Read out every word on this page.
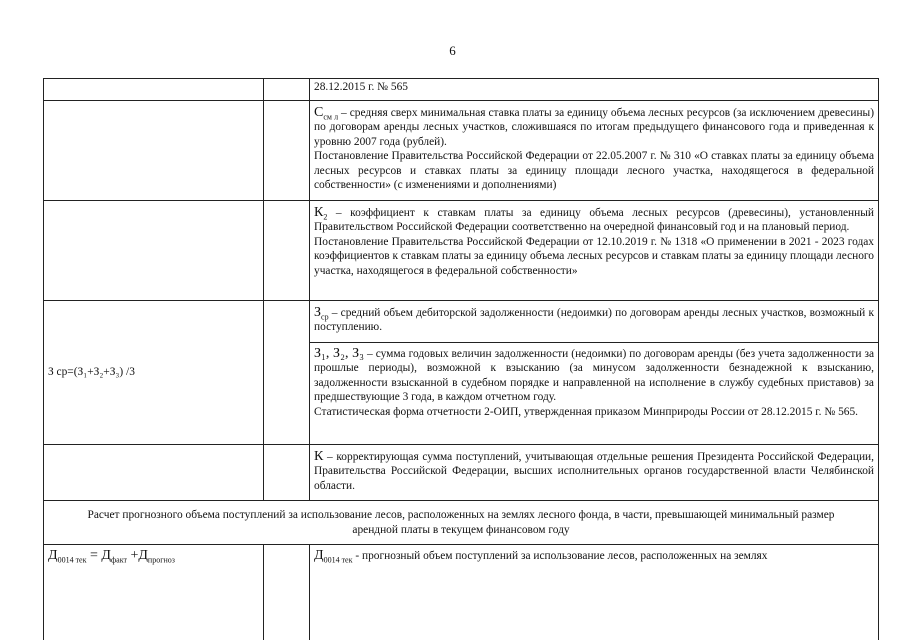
6

		28.12.2015 г. № 565

		$С_{см л}$ – средняя сверх минимальная ставка платы за единицу объема лесных ресурсов (за исключением древесины) по договорам аренды лесных участков, сложившаяся по итогам предыдущего финансового года и приведенная к уровню 2007 года (рублей).

Постановление Правительства Российской Федерации от 22.05.2007 г. № 310 «О ставках платы за единицу объема лесных ресурсов и ставках платы за единицу площади лесного участка, находящегося в федеральной собственности» (с изменениями и дополнениями)

		$К_2$ – коэффициент к ставкам платы за единицу объема лесных ресурсов (древесины), установленный Правительством Российской Федерации соответственно на очередной финансовый год и на плановый период.

Постановление Правительства Российской Федерации от 12.10.2019 г. № 1318 «О применении в 2021 - 2023 годах коэффициентов к ставкам платы за единицу объема лесных ресурсов и ставкам платы за единицу площади лесного участка, находящегося в федеральной собственности»

З ср=(З₁+З₂+З₃) /3		$З_{ср}$ – средний объем дебиторской задолженности (недоимки) по договорам аренды лесных участков, возможный к поступлению.

		З₁, З₂, З₃ – сумма годовых величин задолженности (недоимки) по договорам аренды (без учета задолженности за прошлые периоды), возможной к взысканию (за минусом задолженности безнадежной к взысканию, задолженности взысканной в судебном порядке и направленной на исполнение в службу судебных приставов) за предшествующие 3 года, в каждом отчетном году.

Статистическая форма отчетности 2-ОИП, утвержденная приказом Минприроды России от 28.12.2015 г. № 565.

		К – корректирующая сумма поступлений, учитывающая отдельные решения Президента Российской Федерации, Правительства Российской Федерации, высших исполнительных органов государственной власти Челябинской области.

Расчет прогнозного объема поступлений за использование лесов, расположенных на землях лесного фонда, в части, превышающей минимальный размер арендной платы в текущем финансовом году		
$Д_{0014 тек} = Д_{факт} +Д_{прогноз}$		$Д_{0014 тек}$ - прогнозный объем поступлений за использование лесов, расположенных на землях
